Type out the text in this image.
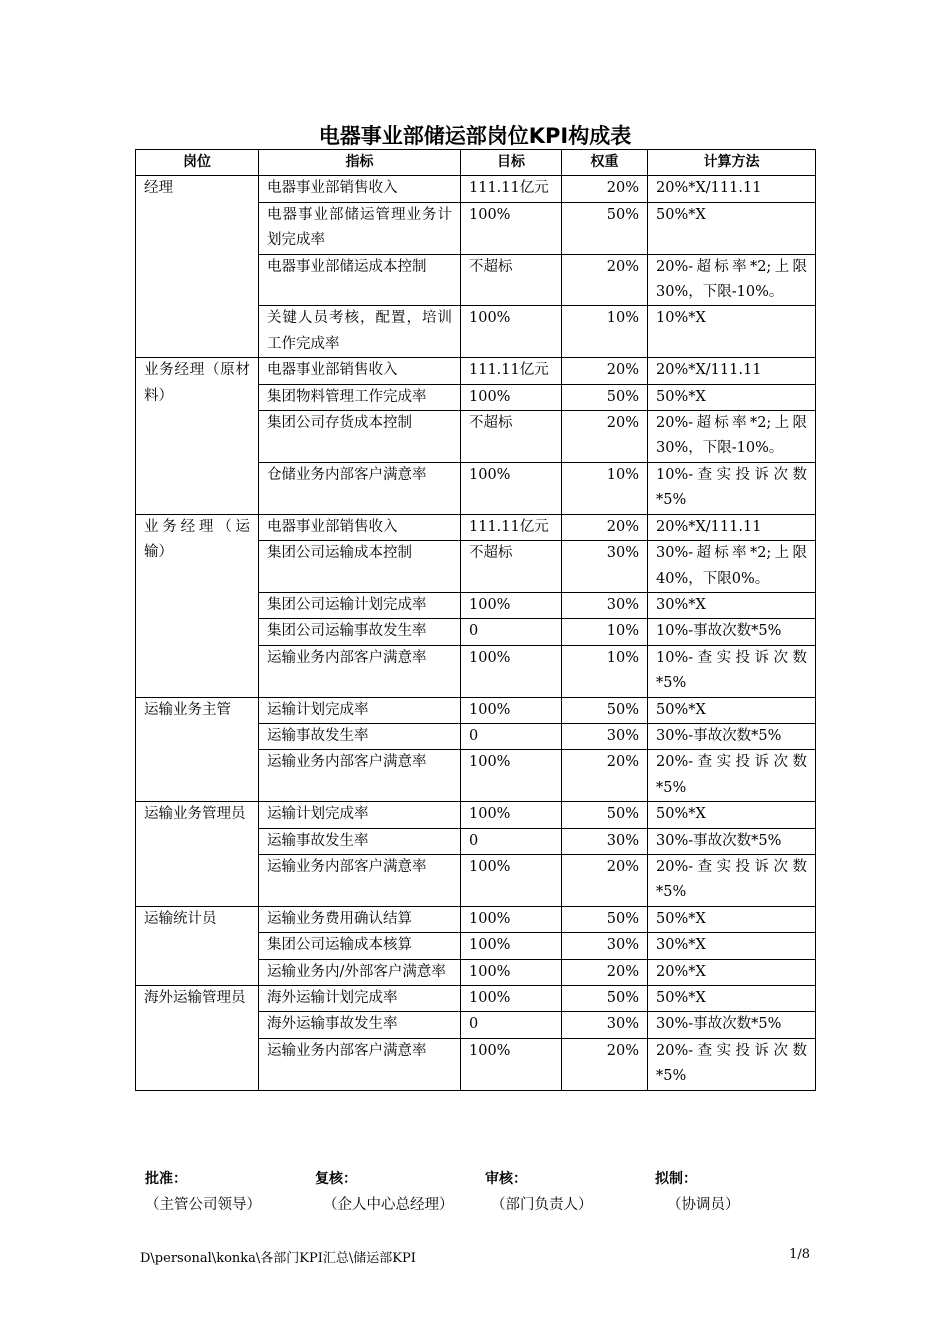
电器事业部储运部岗位KPI构成表
岗位	指标	目标	权重	计算方法
经理	电器事业部销售收入	111.11亿元	20%	20%*X/111.11
	电器事业部储运管理业务计划完成率	100%	50%	50%*X
	电器事业部储运成本控制	不超标	20%	20%-超标率*2;上限30%，下限-10%。
	关键人员考核，配置，培训工作完成率	100%	10%	10%*X
业务经理（原材料）	电器事业部销售收入	111.11亿元	20%	20%*X/111.11
	集团物料管理工作完成率	100%	50%	50%*X
	集团公司存货成本控制	不超标	20%	20%-超标率*2;上限30%，下限-10%。
	仓储业务内部客户满意率	100%	10%	10%-查实投诉次数*5%
业务经理（运输）	电器事业部销售收入	111.11亿元	20%	20%*X/111.11
	集团公司运输成本控制	不超标	30%	30%-超标率*2;上限40%，下限0%。
	集团公司运输计划完成率	100%	30%	30%*X
	集团公司运输事故发生率	0	10%	10%-事故次数*5%
	运输业务内部客户满意率	100%	10%	10%-查实投诉次数*5%
运输业务主管	运输计划完成率	100%	50%	50%*X
	运输事故发生率	0	30%	30%-事故次数*5%
	运输业务内部客户满意率	100%	20%	20%-查实投诉次数*5%
运输业务管理员	运输计划完成率	100%	50%	50%*X
	运输事故发生率	0	30%	30%-事故次数*5%
	运输业务内部客户满意率	100%	20%	20%-查实投诉次数*5%
运输统计员	运输业务费用确认结算	100%	50%	50%*X
	集团公司运输成本核算	100%	30%	30%*X
	运输业务内/外部客户满意率	100%	20%	20%*X
海外运输管理员	海外运输计划完成率	100%	50%	50%*X
	海外运输事故发生率	0	30%	30%-事故次数*5%
	运输业务内部客户满意率	100%	20%	20%-查实投诉次数*5%
批准：	复核：	审核：	拟制：
（主管公司领导）	（企人中心总经理）	（部门负责人）	（协调员）
D\personal\konka\各部门KPI汇总\储运部KPI	1/8
